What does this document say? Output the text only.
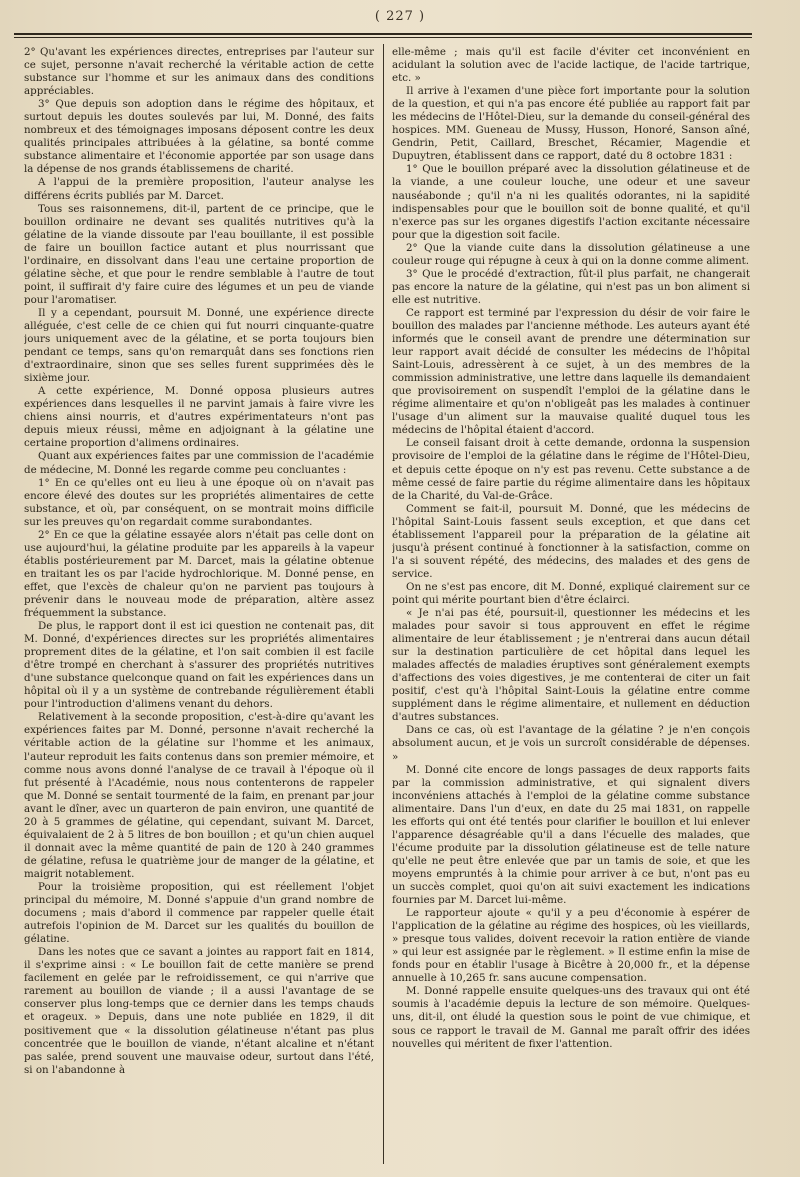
( 227 )

2° Qu'avant les expériences directes, entreprises par l'auteur sur ce sujet, personne n'avait recherché la véritable action de cette substance sur l'homme et sur les animaux dans des conditions appréciables.

3° Que depuis son adoption dans le régime des hôpitaux, et surtout depuis les doutes soulevés par lui, M. Donné, des faits nombreux et des témoignages imposans déposent contre les deux qualités principales attribuées à la gélatine, sa bonté comme substance alimentaire et l'économie apportée par son usage dans la dépense de nos grands établissemens de charité.

A l'appui de la première proposition, l'auteur analyse les différens écrits publiés par M. Darcet.

Tous ses raisonnemens, dit-il, partent de ce principe, que le bouillon ordinaire ne devant ses qualités nutritives qu'à la gélatine de la viande dissoute par l'eau bouillante, il est possible de faire un bouillon factice autant et plus nourrissant que l'ordinaire, en dissolvant dans l'eau une certaine proportion de gélatine sèche, et que pour le rendre semblable à l'autre de tout point, il suffirait d'y faire cuire des légumes et un peu de viande pour l'aromatiser.

Il y a cependant, poursuit M. Donné, une expérience directe alléguée, c'est celle de ce chien qui fut nourri cinquante-quatre jours uniquement avec de la gélatine, et se porta toujours bien pendant ce temps, sans qu'on remarquât dans ses fonctions rien d'extraordinaire, sinon que ses selles furent supprimées dès le sixième jour.

A cette expérience, M. Donné opposa plusieurs autres expériences dans lesquelles il ne parvint jamais à faire vivre les chiens ainsi nourris, et d'autres expérimentateurs n'ont pas depuis mieux réussi, même en adjoignant à la gélatine une certaine proportion d'alimens ordinaires.

Quant aux expériences faites par une commission de l'académie de médecine, M. Donné les regarde comme peu concluantes :

1° En ce qu'elles ont eu lieu à une époque où on n'avait pas encore élevé des doutes sur les propriétés alimentaires de cette substance, et où, par conséquent, on se montrait moins difficile sur les preuves qu'on regardait comme surabondantes.

2° En ce que la gélatine essayée alors n'était pas celle dont on use aujourd'hui, la gélatine produite par les appareils à la vapeur établis postérieurement par M. Darcet, mais la gélatine obtenue en traitant les os par l'acide hydrochlorique. M. Donné pense, en effet, que l'excès de chaleur qu'on ne parvient pas toujours à prévenir dans le nouveau mode de préparation, altère assez fréquemment la substance.

De plus, le rapport dont il est ici question ne contenait pas, dit M. Donné, d'expériences directes sur les propriétés alimentaires proprement dites de la gélatine, et l'on sait combien il est facile d'être trompé en cherchant à s'assurer des propriétés nutritives d'une substance quelconque quand on fait les expériences dans un hôpital où il y a un système de contrebande régulièrement établi pour l'introduction d'alimens venant du dehors.

Relativement à la seconde proposition, c'est-à-dire qu'avant les expériences faites par M. Donné, personne n'avait recherché la véritable action de la gélatine sur l'homme et les animaux, l'auteur reproduit les faits contenus dans son premier mémoire, et comme nous avons donné l'analyse de ce travail à l'époque où il fut présenté à l'Académie, nous nous contenterons de rappeler que M. Donné se sentait tourmenté de la faim, en prenant par jour avant le dîner, avec un quarteron de pain environ, une quantité de 20 à 5 grammes de gélatine, qui cependant, suivant M. Darcet, équivalaient de 2 à 5 litres de bon bouillon ; et qu'un chien auquel il donnait avec la même quantité de pain de 120 à 240 grammes de gélatine, refusa le quatrième jour de manger de la gélatine, et maigrit notablement.

Pour la troisième proposition, qui est réellement l'objet principal du mémoire, M. Donné s'appuie d'un grand nombre de documens ; mais d'abord il commence par rappeler quelle était autrefois l'opinion de M. Darcet sur les qualités du bouillon de gélatine.

Dans les notes que ce savant a jointes au rapport fait en 1814, il s'exprime ainsi : « Le bouillon fait de cette manière se prend facilement en gelée par le refroidissement, ce qui n'arrive que rarement au bouillon de viande ; il a aussi l'avantage de se conserver plus long-temps que ce dernier dans les temps chauds et orageux. » Depuis, dans une note publiée en 1829, il dit positivement que « la dissolution gélatineuse n'étant pas plus concentrée que le bouillon de viande, n'étant alcaline et n'étant pas salée, prend souvent une mauvaise odeur, surtout dans l'été, si on l'abandonne à

elle-même ; mais qu'il est facile d'éviter cet inconvénient en acidulant la solution avec de l'acide lactique, de l'acide tartrique, etc. »

Il arrive à l'examen d'une pièce fort importante pour la solution de la question, et qui n'a pas encore été publiée au rapport fait par les médecins de l'Hôtel-Dieu, sur la demande du conseil-général des hospices. MM. Gueneau de Mussy, Husson, Honoré, Sanson aîné, Gendrin, Petit, Caillard, Breschet, Récamier, Magendie et Dupuytren, établissent dans ce rapport, daté du 8 octobre 1831 :

1° Que le bouillon préparé avec la dissolution gélatineuse et de la viande, a une couleur louche, une odeur et une saveur nauséabonde ; qu'il n'a ni les qualités odorantes, ni la sapidité indispensables pour que le bouillon soit de bonne qualité, et qu'il n'exerce pas sur les organes digestifs l'action excitante nécessaire pour que la digestion soit facile.

2° Que la viande cuite dans la dissolution gélatineuse a une couleur rouge qui répugne à ceux à qui on la donne comme aliment.

3° Que le procédé d'extraction, fût-il plus parfait, ne changerait pas encore la nature de la gélatine, qui n'est pas un bon aliment si elle est nutritive.

Ce rapport est terminé par l'expression du désir de voir faire le bouillon des malades par l'ancienne méthode. Les auteurs ayant été informés que le conseil avant de prendre une détermination sur leur rapport avait décidé de consulter les médecins de l'hôpital Saint-Louis, adressèrent à ce sujet, à un des membres de la commission administrative, une lettre dans laquelle ils demandaient que provisoirement on suspendît l'emploi de la gélatine dans le régime alimentaire et qu'on n'obligeât pas les malades à continuer l'usage d'un aliment sur la mauvaise qualité duquel tous les médecins de l'hôpital étaient d'accord.

Le conseil faisant droit à cette demande, ordonna la suspension provisoire de l'emploi de la gélatine dans le régime de l'Hôtel-Dieu, et depuis cette époque on n'y est pas revenu. Cette substance a de même cessé de faire partie du régime alimentaire dans les hôpitaux de la Charité, du Val-de-Grâce.

Comment se fait-il, poursuit M. Donné, que les médecins de l'hôpital Saint-Louis fassent seuls exception, et que dans cet établissement l'appareil pour la préparation de la gélatine ait jusqu'à présent continué à fonctionner à la satisfaction, comme on l'a si souvent répété, des médecins, des malades et des gens de service.

On ne s'est pas encore, dit M. Donné, expliqué clairement sur ce point qui mérite pourtant bien d'être éclairci.

« Je n'ai pas été, poursuit-il, questionner les médecins et les malades pour savoir si tous approuvent en effet le régime alimentaire de leur établissement ; je n'entrerai dans aucun détail sur la destination particulière de cet hôpital dans lequel les malades affectés de maladies éruptives sont généralement exempts d'affections des voies digestives, je me contenterai de citer un fait positif, c'est qu'à l'hôpital Saint-Louis la gélatine entre comme supplément dans le régime alimentaire, et nullement en déduction d'autres substances.

Dans ce cas, où est l'avantage de la gélatine ? je n'en conçois absolument aucun, et je vois un surcroît considérable de dépenses. »

M. Donné cite encore de longs passages de deux rapports faits par la commission administrative, et qui signalent divers inconvéniens attachés à l'emploi de la gélatine comme substance alimentaire. Dans l'un d'eux, en date du 25 mai 1831, on rappelle les efforts qui ont été tentés pour clarifier le bouillon et lui enlever l'apparence désagréable qu'il a dans l'écuelle des malades, que l'écume produite par la dissolution gélatineuse est de telle nature qu'elle ne peut être enlevée que par un tamis de soie, et que les moyens empruntés à la chimie pour arriver à ce but, n'ont pas eu un succès complet, quoi qu'on ait suivi exactement les indications fournies par M. Darcet lui-même.

Le rapporteur ajoute « qu'il y a peu d'économie à espérer de l'application de la gélatine au régime des hospices, où les vieillards, » presque tous valides, doivent recevoir la ration entière de viande » qui leur est assignée par le règlement. » Il estime enfin la mise de fonds pour en établir l'usage à Bicêtre à 20,000 fr., et la dépense annuelle à 10,265 fr. sans aucune compensation.

M. Donné rappelle ensuite quelques-uns des travaux qui ont été soumis à l'académie depuis la lecture de son mémoire. Quelques-uns, dit-il, ont éludé la question sous le point de vue chimique, et sous ce rapport le travail de M. Gannal me paraît offrir des idées nouvelles qui méritent de fixer l'attention.
